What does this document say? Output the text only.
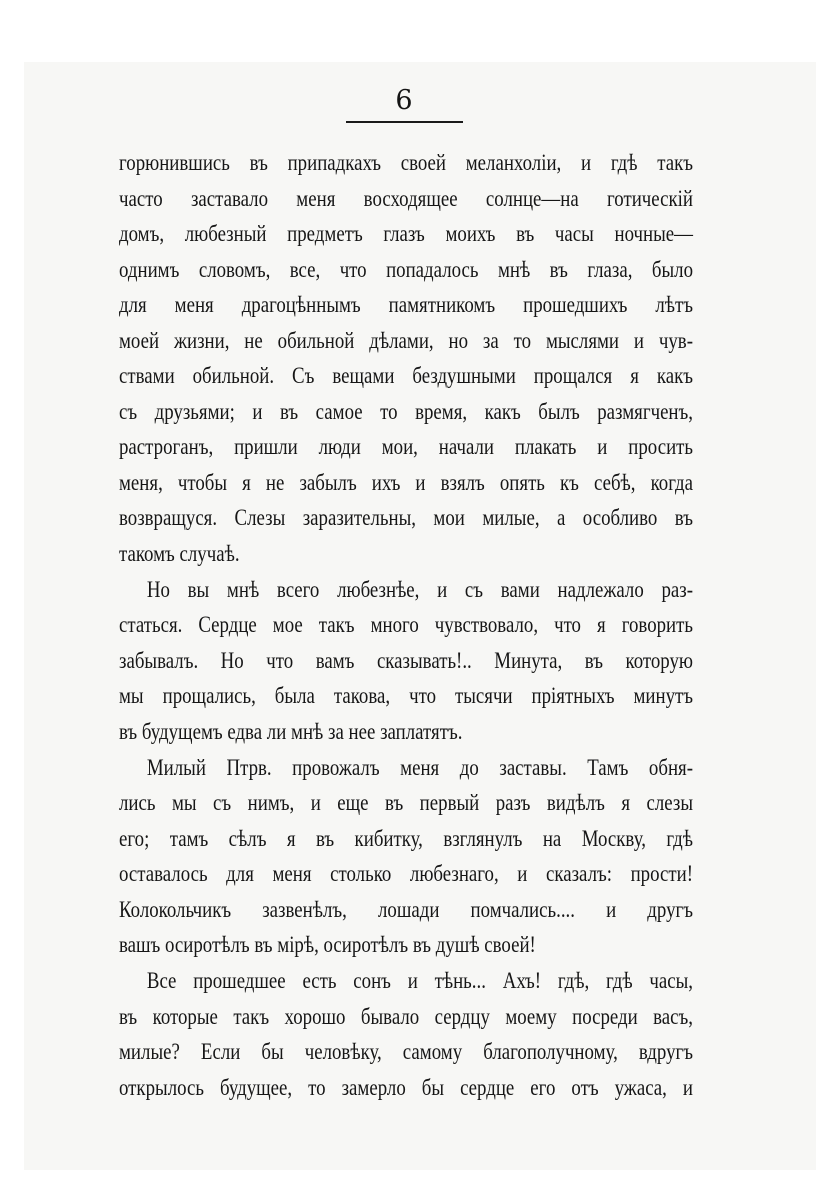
6
горюнившись въ припадкахъ своей меланхолiи, и гдѣ такъ
часто заставало меня восходящее солнце—на готическiй
домъ, любезный предметъ глазъ моихъ въ часы ночные—
однимъ словомъ, все, что попадалось мнѣ въ глаза, было
для меня драгоцѣннымъ памятникомъ прошедшихъ лѣтъ
моей жизни, не обильной дѣлами, но за то мыслями и чув-
ствами обильной. Съ вещами бездушными прощался я какъ
съ друзьями; и въ самое то время, какъ былъ размягченъ,
растроганъ, пришли люди мои, начали плакать и просить
меня, чтобы я не забылъ ихъ и взялъ опять къ себѣ, когда
возвращуся. Слезы заразительны, мои милые, а особливо въ
такомъ случаѣ.
Но вы мнѣ всего любезнѣе, и съ вами надлежало раз-
статься. Сердце мое такъ много чувствовало, что я говорить
забывалъ. Но что вамъ сказывать!.. Минута, въ которую
мы прощались, была такова, что тысячи прiятныхъ минутъ
въ будущемъ едва ли мнѣ за нее заплатятъ.
Милый Птрв. провожалъ меня до заставы. Тамъ обня-
лись мы съ нимъ, и еще въ первый разъ видѣлъ я слезы
его; тамъ сѣлъ я въ кибитку, взглянулъ на Москву, гдѣ
оставалось для меня столько любезнаго, и сказалъ: прости!
Колокольчикъ зазвенѣлъ, лошади помчались.... и другъ
вашъ осиротѣлъ въ мiрѣ, осиротѣлъ въ душѣ своей!
Все прошедшее есть сонъ и тѣнь... Ахъ! гдѣ, гдѣ часы,
въ которые такъ хорошо бывало сердцу моему посреди васъ,
милые? Если бы человѣку, самому благополучному, вдругъ
открылось будущее, то замерло бы сердце его отъ ужаса, и
